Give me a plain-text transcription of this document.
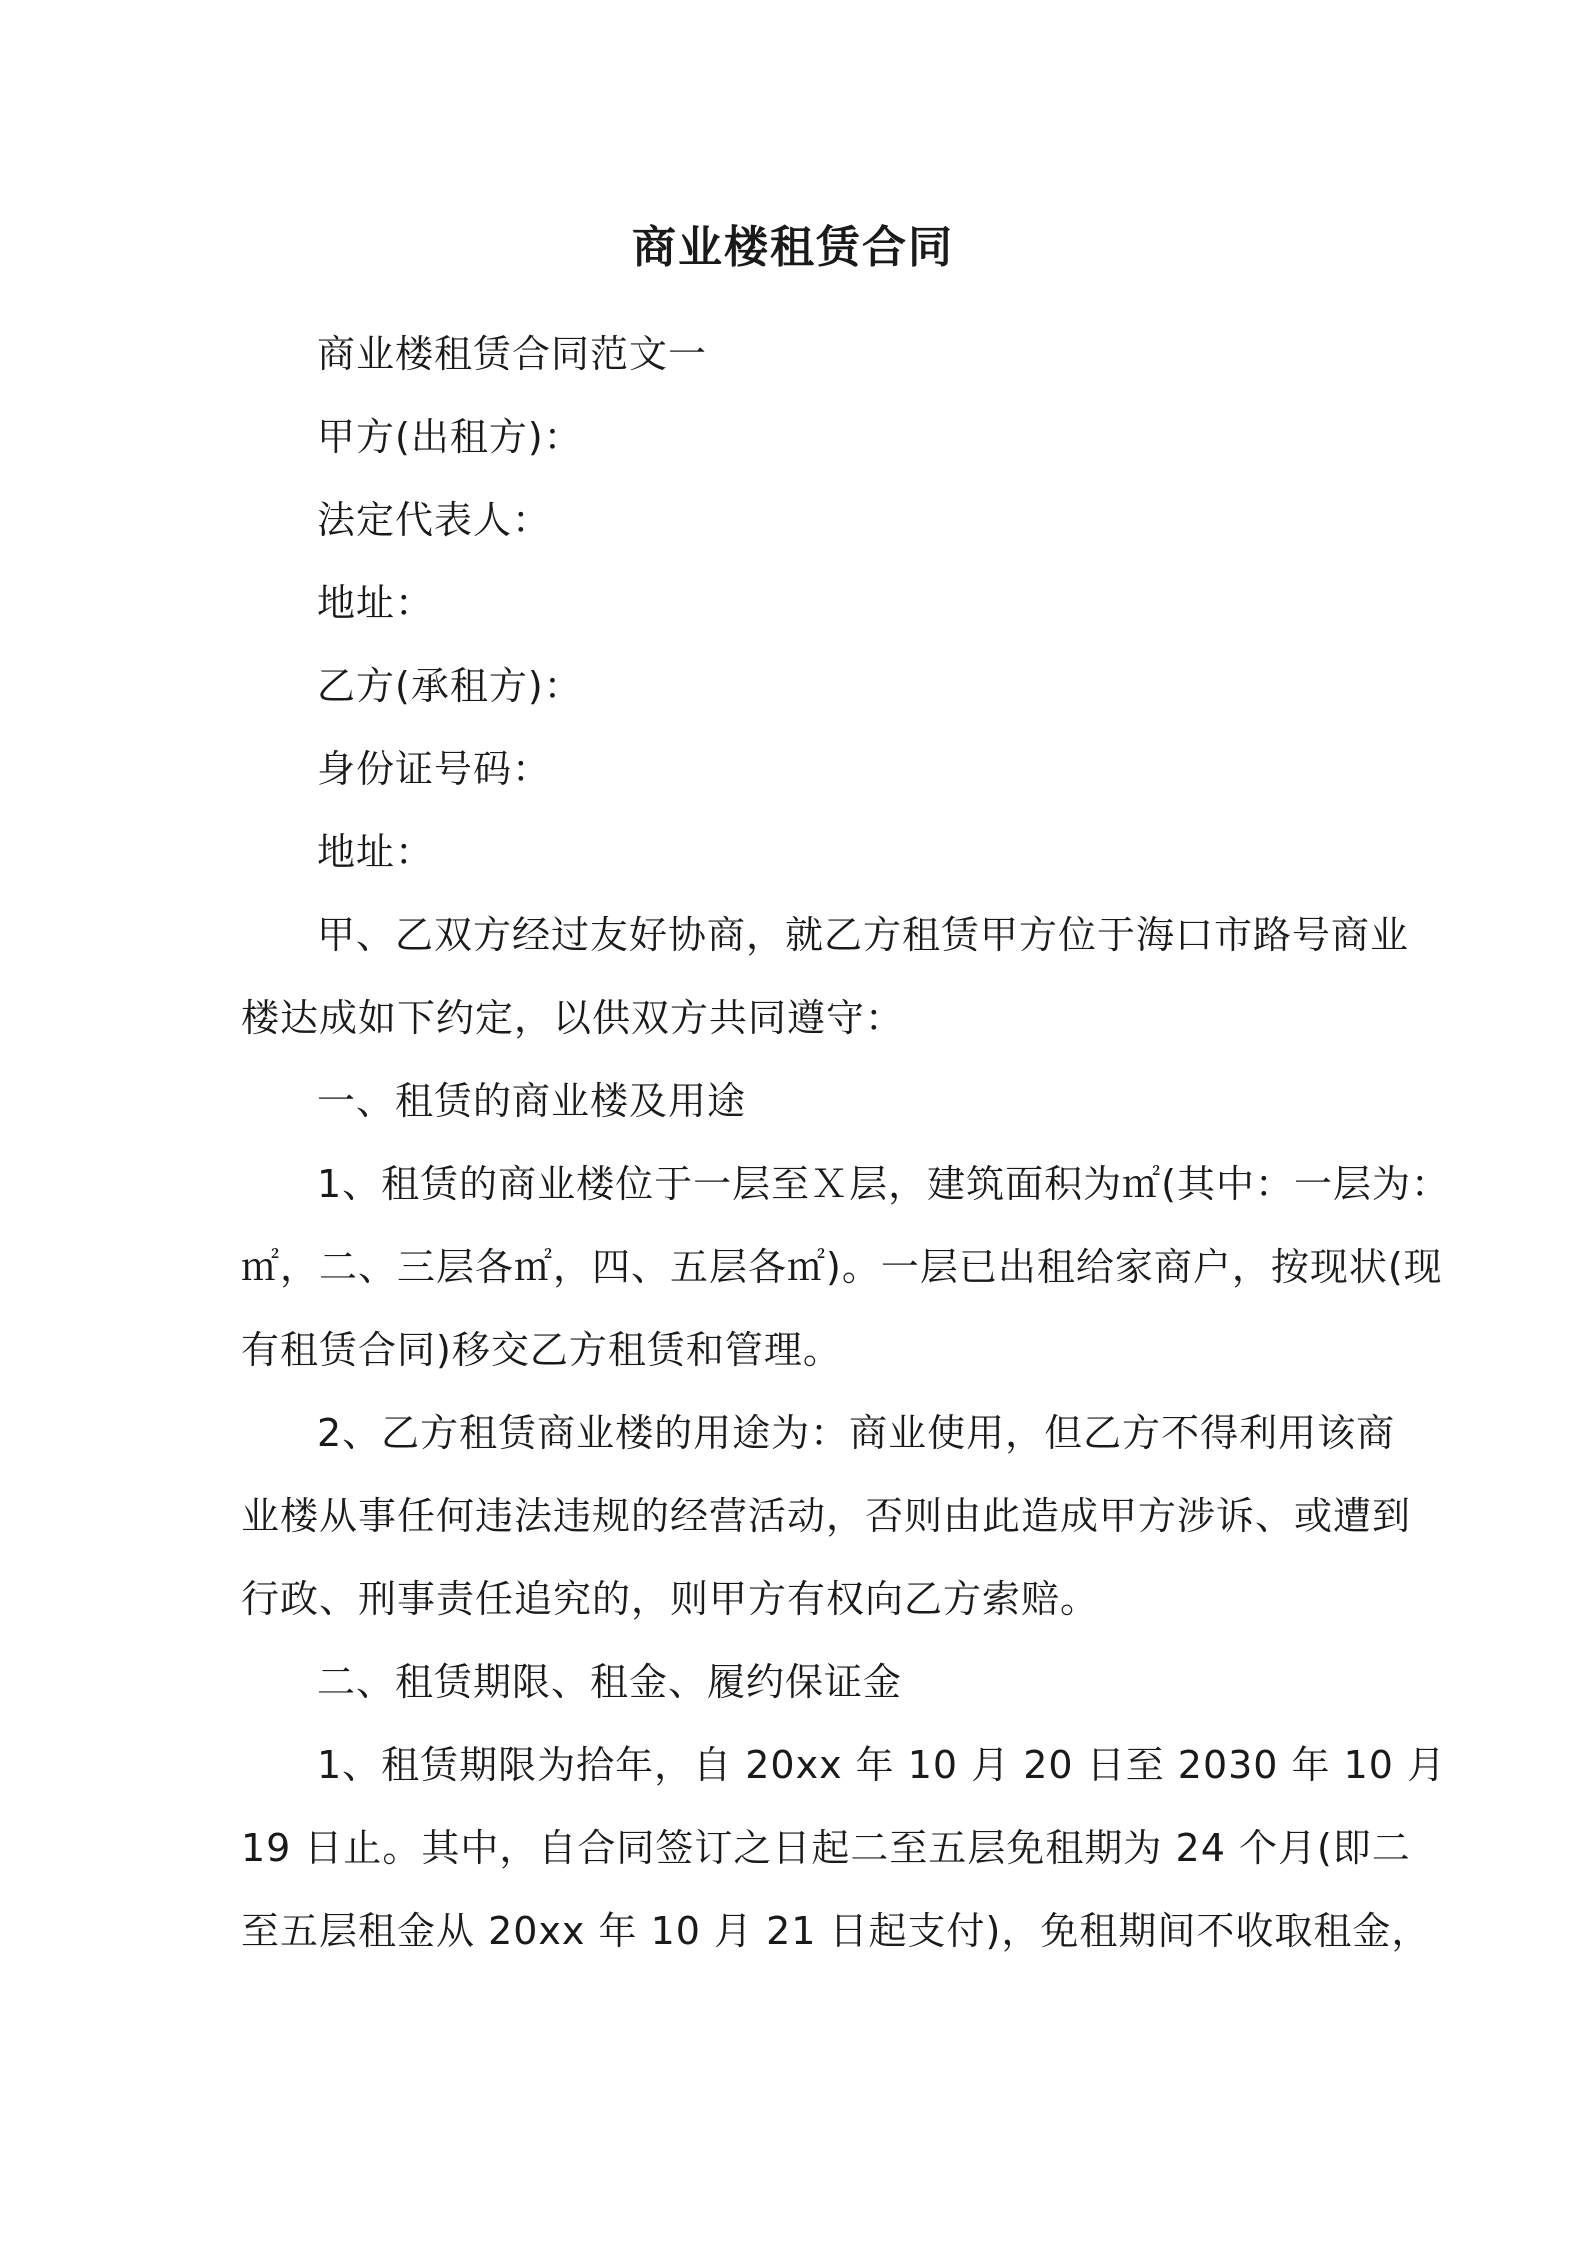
商业楼租赁合同
商业楼租赁合同范文一
甲方(出租方)：
法定代表人：
地址：
乙方(承租方)：
身份证号码：
地址：
甲、乙双方经过友好协商，就乙方租赁甲方位于海口市路号商业
楼达成如下约定，以供双方共同遵守：
一、租赁的商业楼及用途
1、租赁的商业楼位于一层至Ｘ层，建筑面积为㎡(其中：一层为：
㎡，二、三层各㎡，四、五层各㎡)。一层已出租给家商户，按现状(现
有租赁合同)移交乙方租赁和管理。
2、乙方租赁商业楼的用途为：商业使用，但乙方不得利用该商
业楼从事任何违法违规的经营活动，否则由此造成甲方涉诉、或遭到
行政、刑事责任追究的，则甲方有权向乙方索赔。
二、租赁期限、租金、履约保证金
1、租赁期限为拾年，自 20xx 年 10 月 20 日至 2030 年 10 月
19 日止。其中，自合同签订之日起二至五层免租期为 24 个月(即二
至五层租金从 20xx 年 10 月 21 日起支付)，免租期间不收取租金，
